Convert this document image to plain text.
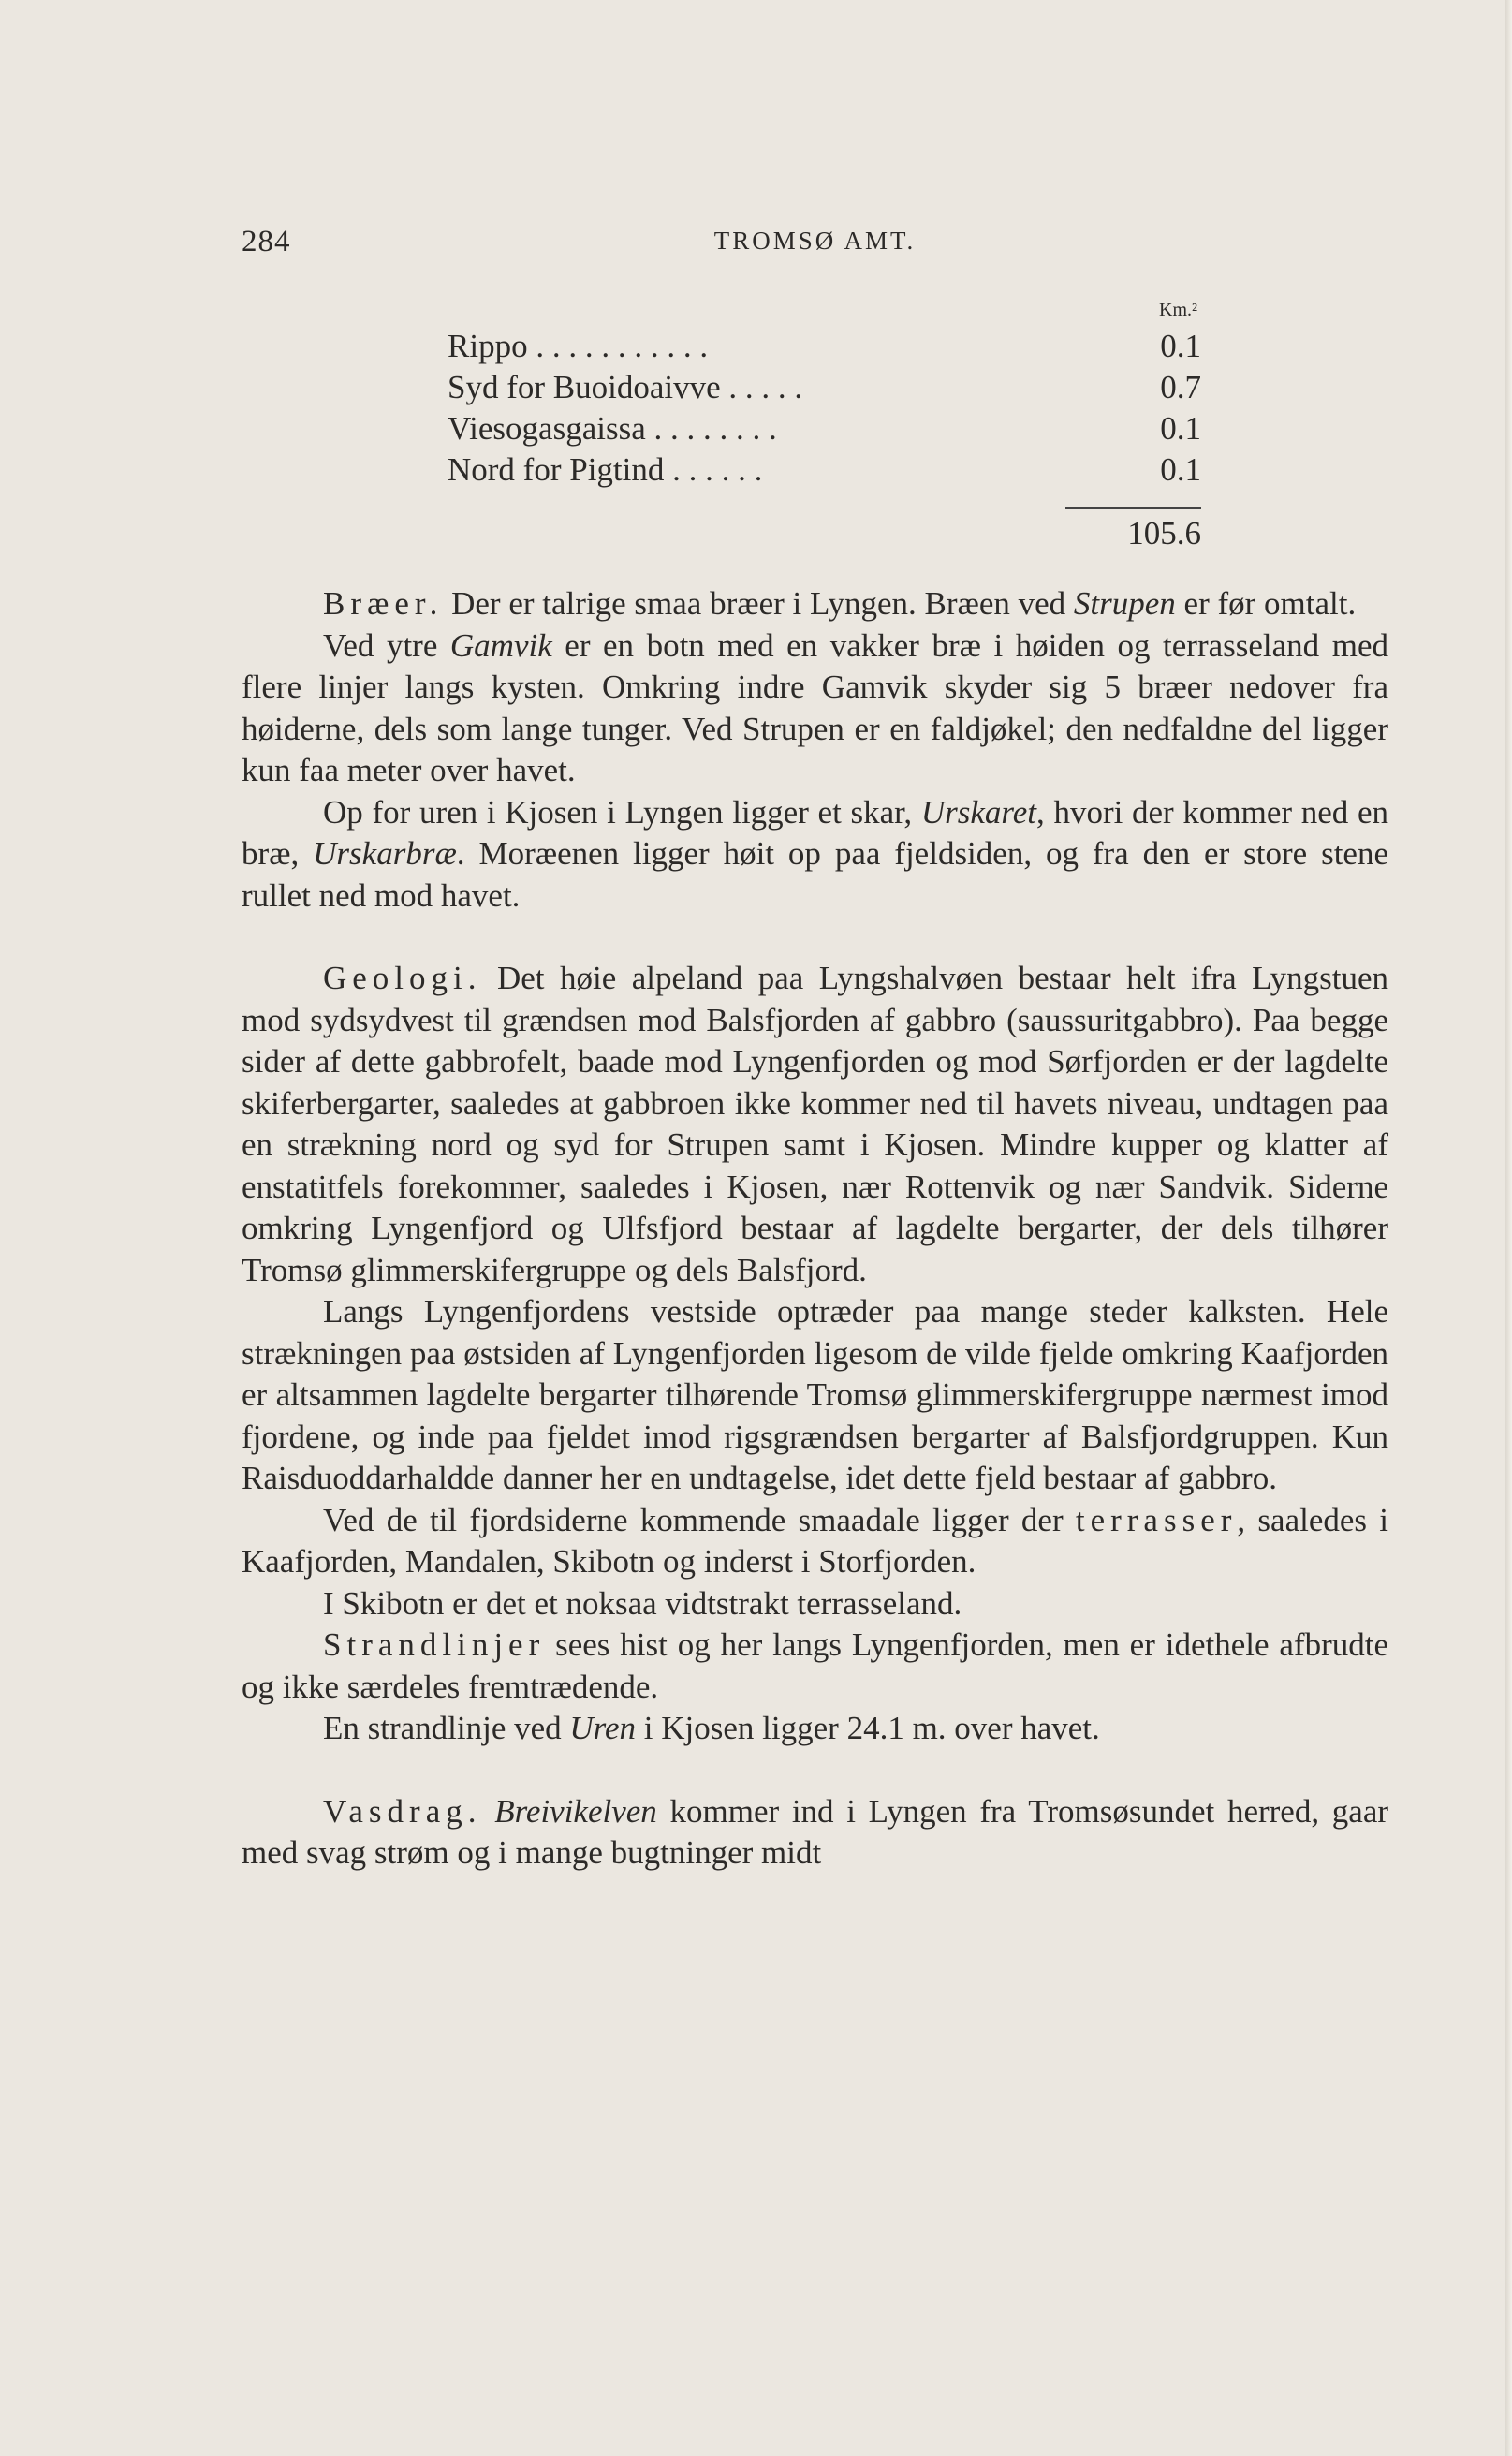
284	TROMSØ AMT.
Km.²
Rippo . . . . . . . . . . .	0.1
Syd for Buoidoaivve . . . . .	0.7
Viesogasgaissa . . . . . . . .	0.1
Nord for Pigtind . . . . . .	0.1
105.6

Bræer. Der er talrige smaa bræer i Lyngen. Bræen ved Strupen er før omtalt.

Ved ytre Gamvik er en botn med en vakker bræ i høiden og terrasseland med flere linjer langs kysten. Omkring indre Gamvik skyder sig 5 bræer nedover fra høiderne, dels som lange tunger. Ved Strupen er en faldjøkel; den nedfaldne del ligger kun faa meter over havet.

Op for uren i Kjosen i Lyngen ligger et skar, Urskaret, hvori der kommer ned en bræ, Urskarbræ. Moræenen ligger høit op paa fjeldsiden, og fra den er store stene rullet ned mod havet.

Geologi. Det høie alpeland paa Lyngshalvøen bestaar helt ifra Lyngstuen mod sydsydvest til grændsen mod Balsfjorden af gabbro (saussuritgabbro). Paa begge sider af dette gabbrofelt, baade mod Lyngenfjorden og mod Sørfjorden er der lagdelte skiferbergarter, saaledes at gabbroen ikke kommer ned til havets niveau, undtagen paa en strækning nord og syd for Strupen samt i Kjosen. Mindre kupper og klatter af enstatitfels forekommer, saaledes i Kjosen, nær Rottenvik og nær Sandvik. Siderne omkring Lyngenfjord og Ulfsfjord bestaar af lagdelte bergarter, der dels tilhører Tromsø glimmerskifergruppe og dels Balsfjord.

Langs Lyngenfjordens vestside optræder paa mange steder kalksten. Hele strækningen paa østsiden af Lyngenfjorden ligesom de vilde fjelde omkring Kaafjorden er altsammen lagdelte bergarter tilhørende Tromsø glimmerskifergruppe nærmest imod fjordene, og inde paa fjeldet imod rigsgrændsen bergarter af Balsfjordgruppen. Kun Raisduoddarhaldde danner her en undtagelse, idet dette fjeld bestaar af gabbro.

Ved de til fjordsiderne kommende smaadale ligger der terrasser, saaledes i Kaafjorden, Mandalen, Skibotn og inderst i Storfjorden.

I Skibotn er det et noksaa vidtstrakt terrasseland.

Strandlinjer sees hist og her langs Lyngenfjorden, men er idethele afbrudte og ikke særdeles fremtrædende.

En strandlinje ved Uren i Kjosen ligger 24.1 m. over havet.

Vasdrag. Breivikelven kommer ind i Lyngen fra Tromsøsundet herred, gaar med svag strøm og i mange bugtninger midt
